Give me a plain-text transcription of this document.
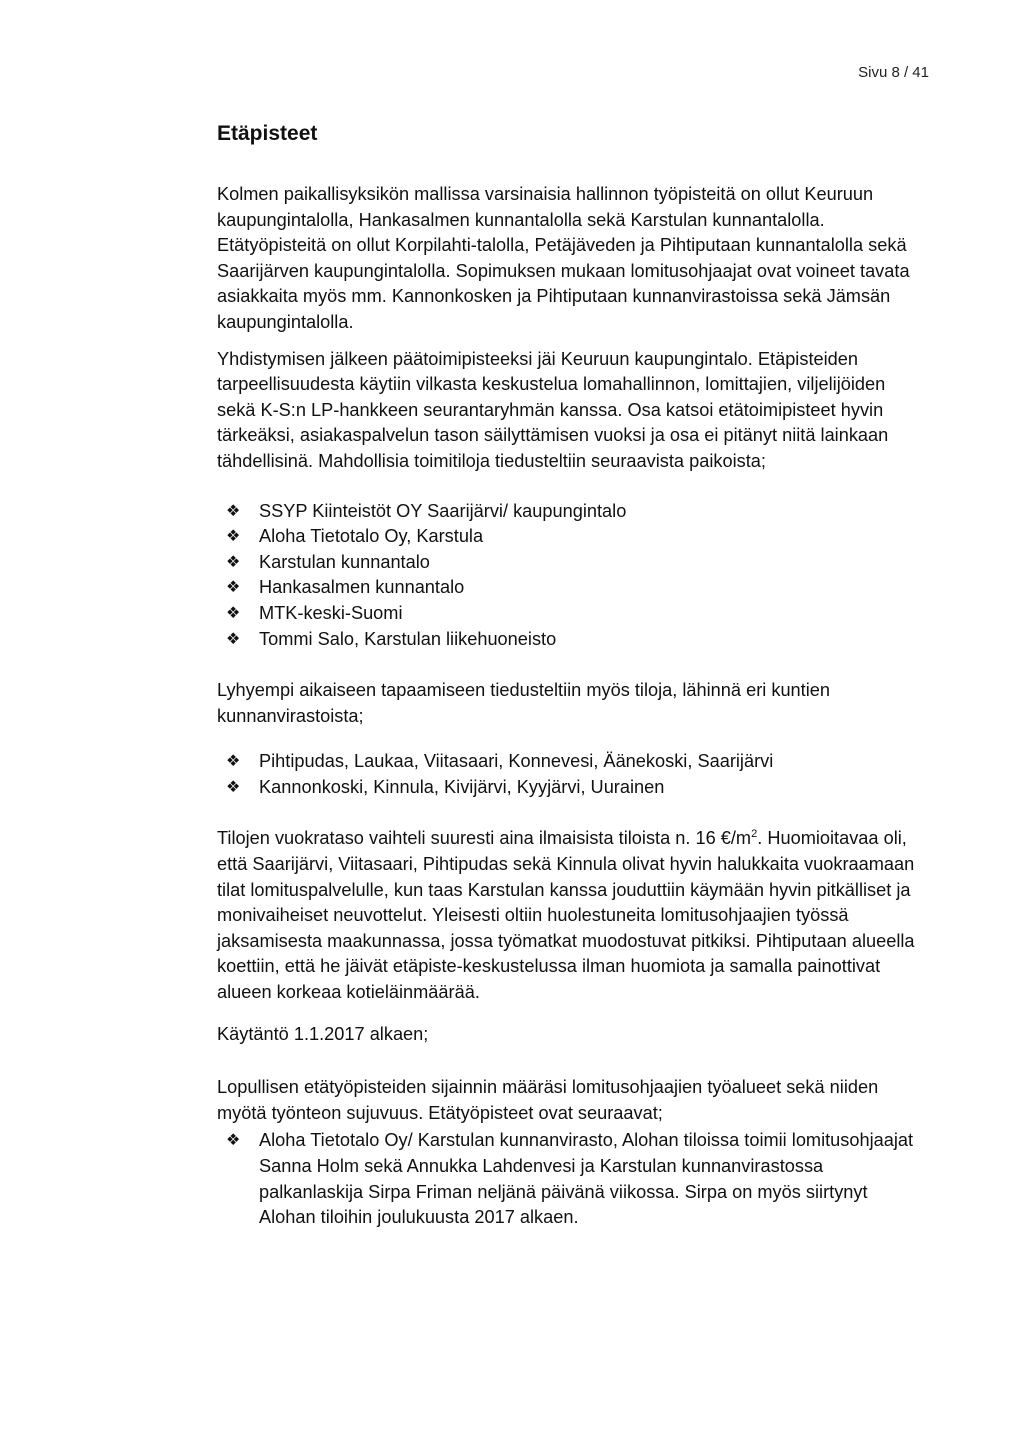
Sivu 8 / 41
Etäpisteet

Kolmen paikallisyksikön mallissa varsinaisia hallinnon työpisteitä on ollut Keuruun kaupungintalolla, Hankasalmen kunnantalolla sekä Karstulan kunnantalolla. Etätyöpisteitä on ollut Korpilahti-talolla, Petäjäveden ja Pihtiputaan kunnantalolla sekä Saarijärven kaupungintalolla. Sopimuksen mukaan lomitusohjaajat ovat voineet tavata asiakkaita myös mm. Kannonkosken ja Pihtiputaan kunnanvirastoissa sekä Jämsän kaupungintalolla.

Yhdistymisen jälkeen päätoimipisteeksi jäi Keuruun kaupungintalo. Etäpisteiden tarpeellisuudesta käytiin vilkasta keskustelua lomahallinnon, lomittajien, viljelijöiden sekä K-S:n LP-hankkeen seurantaryhmän kanssa. Osa katsoi etätoimipisteet hyvin tärkeäksi, asiakaspalvelun tason säilyttämisen vuoksi ja osa ei pitänyt niitä lainkaan tähdellisinä. Mahdollisia toimitiloja tiedusteltiin seuraavista paikoista;

❖ SSYP Kiinteistöt OY Saarijärvi/ kaupungintalo
❖ Aloha Tietotalo Oy, Karstula
❖ Karstulan kunnantalo
❖ Hankasalmen kunnantalo
❖ MTK-keski-Suomi
❖ Tommi Salo, Karstulan liikehuoneisto

Lyhyempi aikaiseen tapaamiseen tiedusteltiin myös tiloja, lähinnä eri kuntien kunnanvirastoista;

❖ Pihtipudas, Laukaa, Viitasaari, Konnevesi, Äänekoski, Saarijärvi
❖ Kannonkoski, Kinnula, Kivijärvi, Kyyjärvi, Uurainen

Tilojen vuokrataso vaihteli suuresti aina ilmaisista tiloista n. 16 $€/m^2$. Huomioitavaa oli, että Saarijärvi, Viitasaari, Pihtipudas sekä Kinnula olivat hyvin halukkaita vuokraamaan tilat lomituspalvelulle, kun taas Karstulan kanssa jouduttiin käymään hyvin pitkälliset ja monivaiheiset neuvottelut. Yleisesti oltiin huolestuneita lomitusohjaajien työssä jaksamisesta maakunnassa, jossa työmatkat muodostuvat pitkiksi. Pihtiputaan alueella koettiin, että he jäivät etäpiste-keskustelussa ilman huomiota ja samalla painottivat alueen korkeaa kotieläinmäärää.

Käytäntö 1.1.2017 alkaen;

Lopullisen etätyöpisteiden sijainnin määräsi lomitusohjaajien työalueet sekä niiden myötä työnteon sujuvuus. Etätyöpisteet ovat seuraavat;

❖ Aloha Tietotalo Oy/ Karstulan kunnanvirasto, Alohan tiloissa toimii lomitusohjaajat Sanna Holm sekä Annukka Lahdenvesi ja Karstulan kunnanvirastossa palkanlaskija Sirpa Friman neljänä päivänä viikossa. Sirpa on myös siirtynyt Alohan tiloihin joulukuusta 2017 alkaen.
